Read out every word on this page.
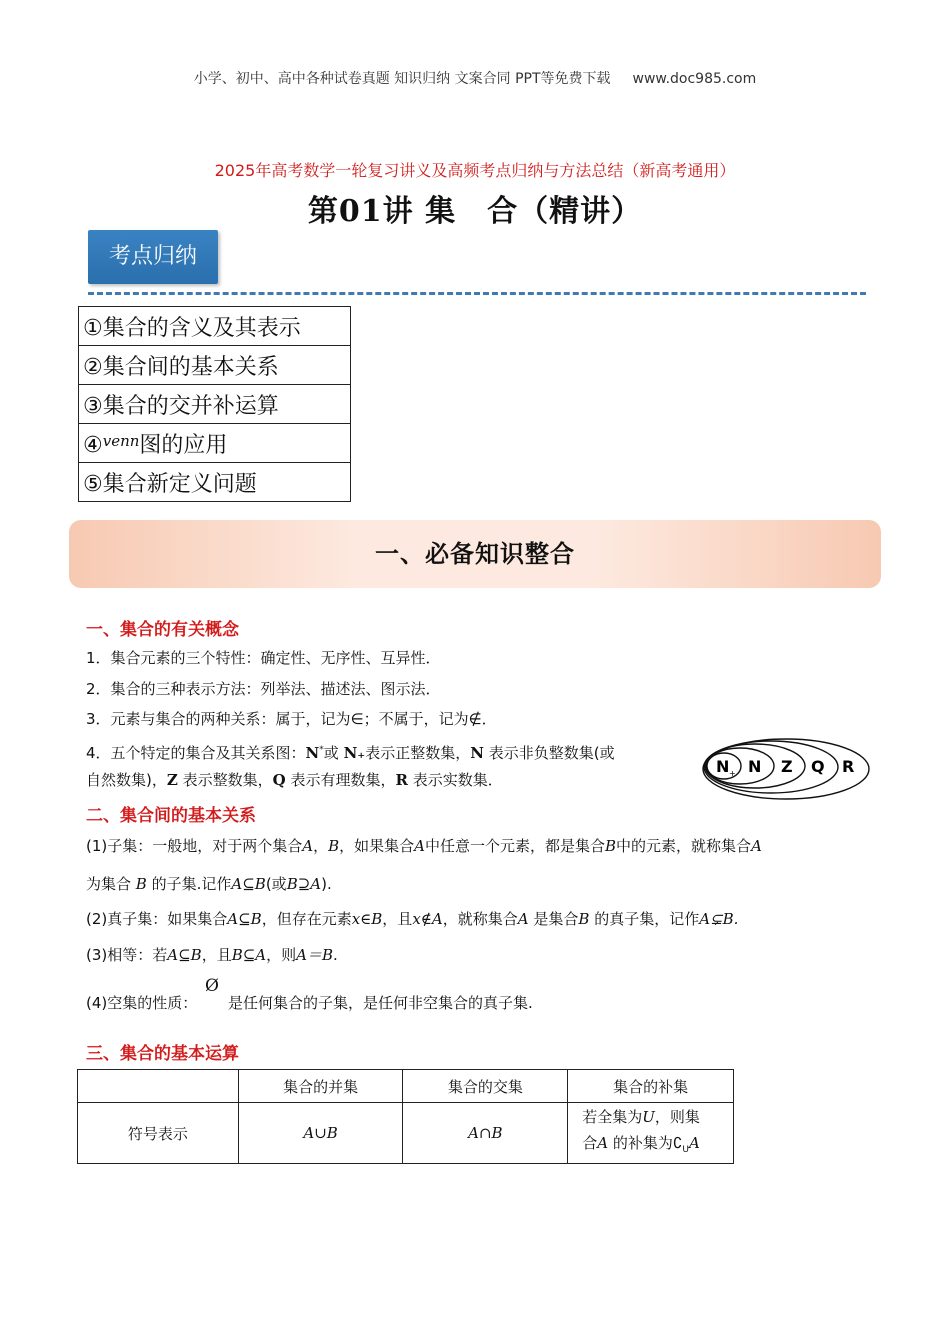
小学、初中、高中各种试卷真题 知识归纳 文案合同 PPT等免费下载 www.doc985.com
2025年高考数学一轮复习讲义及高频考点归纳与方法总结（新高考通用）
第01讲 集　合（精讲）
考点归纳
①集合的含义及其表示
②集合间的基本关系
③集合的交并补运算
④$^{venn}$图的应用
⑤集合新定义问题
一、必备知识整合
一、集合的有关概念
1．集合元素的三个特性：确定性、无序性、互异性．
2．集合的三种表示方法：列举法、描述法、图示法．
3．元素与集合的两种关系：属于，记为∈；不属于，记为∉．
4．五个特定的集合及其关系图：N*或 N₊表示正整数集，N 表示非负整数集(或
自然数集)，Z 表示整数集，Q 表示有理数集，R 表示实数集．
N + N Z Q R
二、集合间的基本关系
(1)子集：一般地，对于两个集合A，B，如果集合A中任意一个元素，都是集合B中的元素，就称集合A
为集合 B 的子集.记作A⊆B(或B⊇A).
(2)真子集：如果集合A⊆B，但存在元素x∈B，且x∉A，就称集合A 是集合B 的真子集，记作A⊊B.
(3)相等：若A⊆B，且B⊆A，则A＝B.
(4)空集的性质：
Ø
是任何集合的子集，是任何非空集合的真子集.
三、集合的基本运算
	集合的并集	集合的交集	集合的补集
符号表示	A∪B	A∩B	若全集为U，则集
合A 的补集为$∁_UA$
